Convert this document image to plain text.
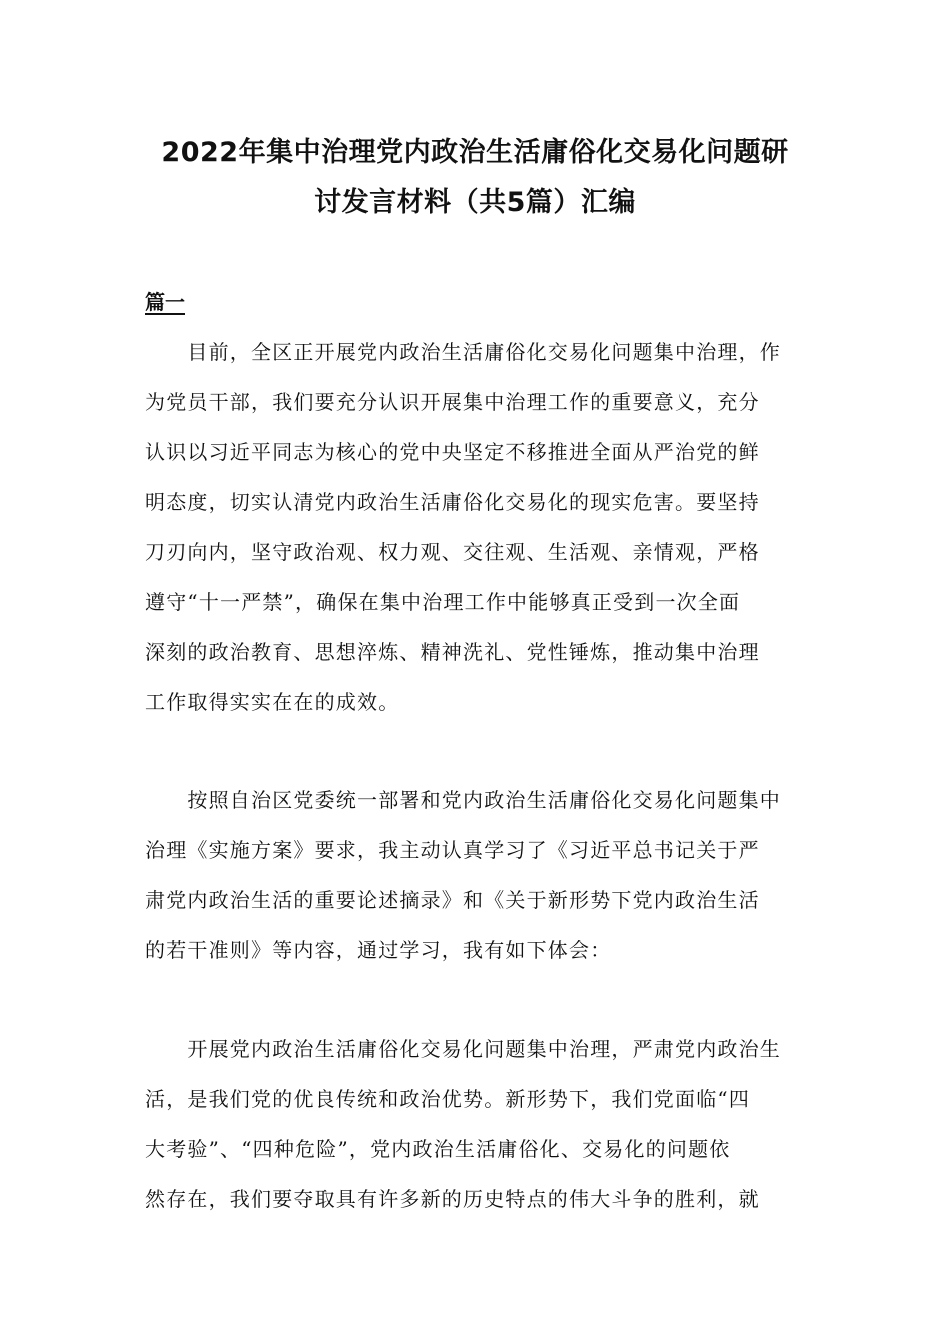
2022年集中治理党内政治生活庸俗化交易化问题研
讨发言材料（共5篇）汇编
篇一
　　目前，全区正开展党内政治生活庸俗化交易化问题集中治理，作
为党员干部，我们要充分认识开展集中治理工作的重要意义，充分
认识以习近平同志为核心的党中央坚定不移推进全面从严治党的鲜
明态度，切实认清党内政治生活庸俗化交易化的现实危害。要坚持
刀刃向内，坚守政治观、权力观、交往观、生活观、亲情观，严格
遵守“十一严禁”，确保在集中治理工作中能够真正受到一次全面
深刻的政治教育、思想淬炼、精神洗礼、党性锤炼，推动集中治理
工作取得实实在在的成效。
　　按照自治区党委统一部署和党内政治生活庸俗化交易化问题集中
治理《实施方案》要求，我主动认真学习了《习近平总书记关于严
肃党内政治生活的重要论述摘录》和《关于新形势下党内政治生活
的若干准则》等内容，通过学习，我有如下体会：
　　开展党内政治生活庸俗化交易化问题集中治理，严肃党内政治生
活，是我们党的优良传统和政治优势。新形势下，我们党面临“四
大考验”、“四种危险”，党内政治生活庸俗化、交易化的问题依
然存在，我们要夺取具有许多新的历史特点的伟大斗争的胜利，就
